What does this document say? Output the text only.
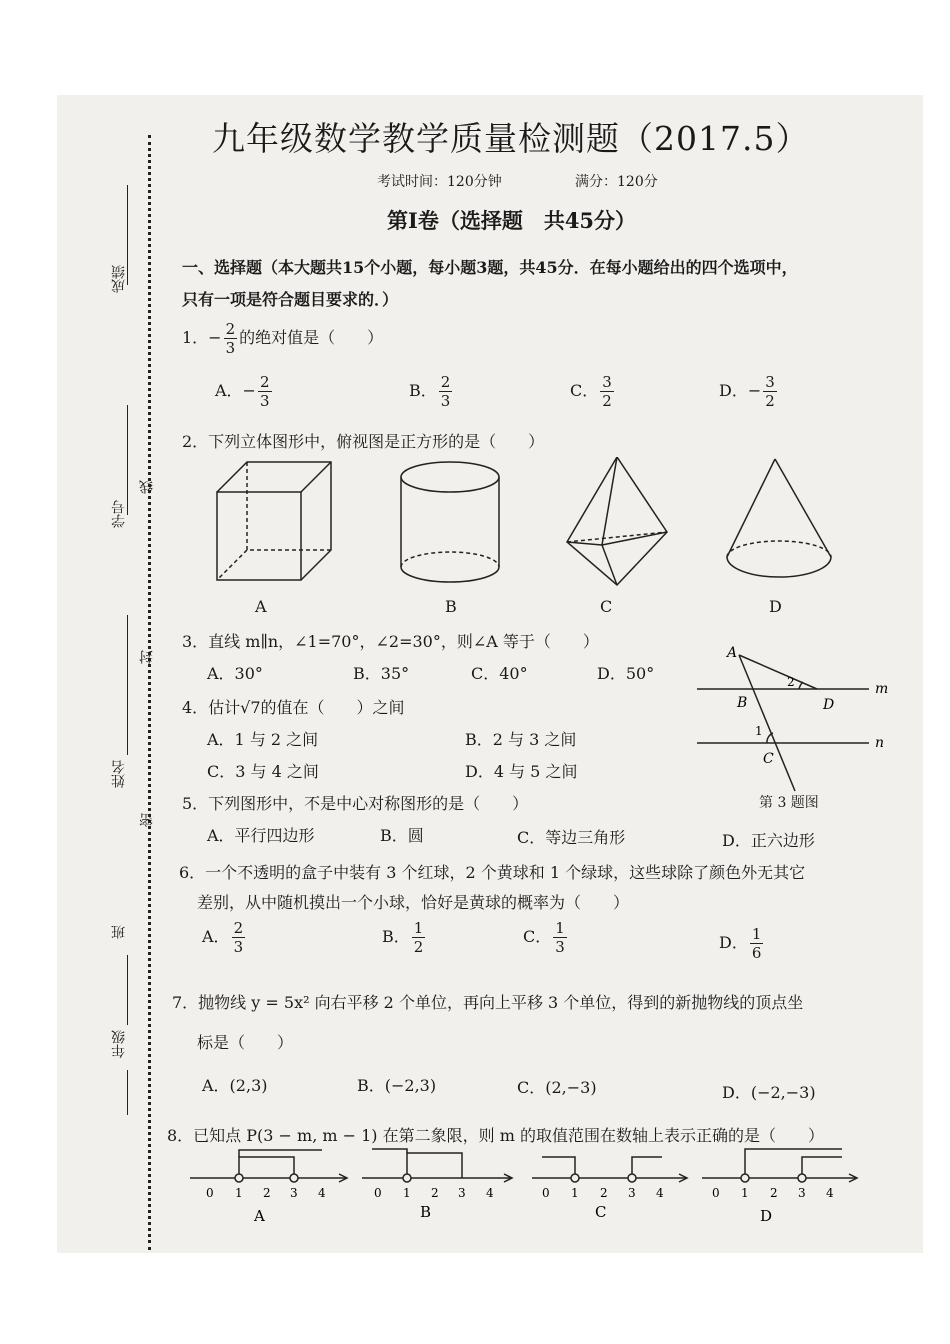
成绩
学号
线
封
姓名
密
班
年级
九年级数学教学质量检测题（2017.5）
考试时间：120分钟	满分：120分
第Ⅰ卷（选择题　共45分）
一、选择题（本大题共15个小题，每小题3题，共45分．在每小题给出的四个选项中，
只有一项是符合题目要求的．）
1．− $\frac{2}{3}$ 的绝对值是（　　）
A．− $\frac{2}{3}$	B． $\frac{2}{3}$	C． $\frac{3}{2}$	D．− $\frac{3}{2}$
2．下列立体图形中，俯视图是正方形的是（　　）
A	B	C	D
3．直线 m∥n，∠1=70°，∠2=30°，则∠A 等于（　　）
A．30°	B．35°	C．40°	D．50°
A
2	m
B	D
1
n
C
第 3 题图
4．估计√7的值在（　　）之间
A．1 与 2 之间	B．2 与 3 之间
C．3 与 4 之间	D．4 与 5 之间
5．下列图形中，不是中心对称图形的是（　　）
A．平行四边形	B．圆	C．等边三角形	D．正六边形
6．一个不透明的盒子中装有 3 个红球，2 个黄球和 1 个绿球，这些球除了颜色外无其它
差别，从中随机摸出一个小球，恰好是黄球的概率为（　　）
A． $\frac{2}{3}$	B． $\frac{1}{2}$	C． $\frac{1}{3}$	D． $\frac{1}{6}$
7．抛物线 y = 5x² 向右平移 2 个单位，再向上平移 3 个单位，得到的新抛物线的顶点坐
标是（　　）
A．(2,3)	B．(−2,3)	C．(2,−3)	D．(−2,−3)
8．已知点 P(3 − m, m − 1) 在第二象限，则 m 的取值范围在数轴上表示正确的是（　　）
0 1 2 3 4	0 1 2 3 4	0 1 2 3 4	0 1 2 3 4
A	B	C	D
